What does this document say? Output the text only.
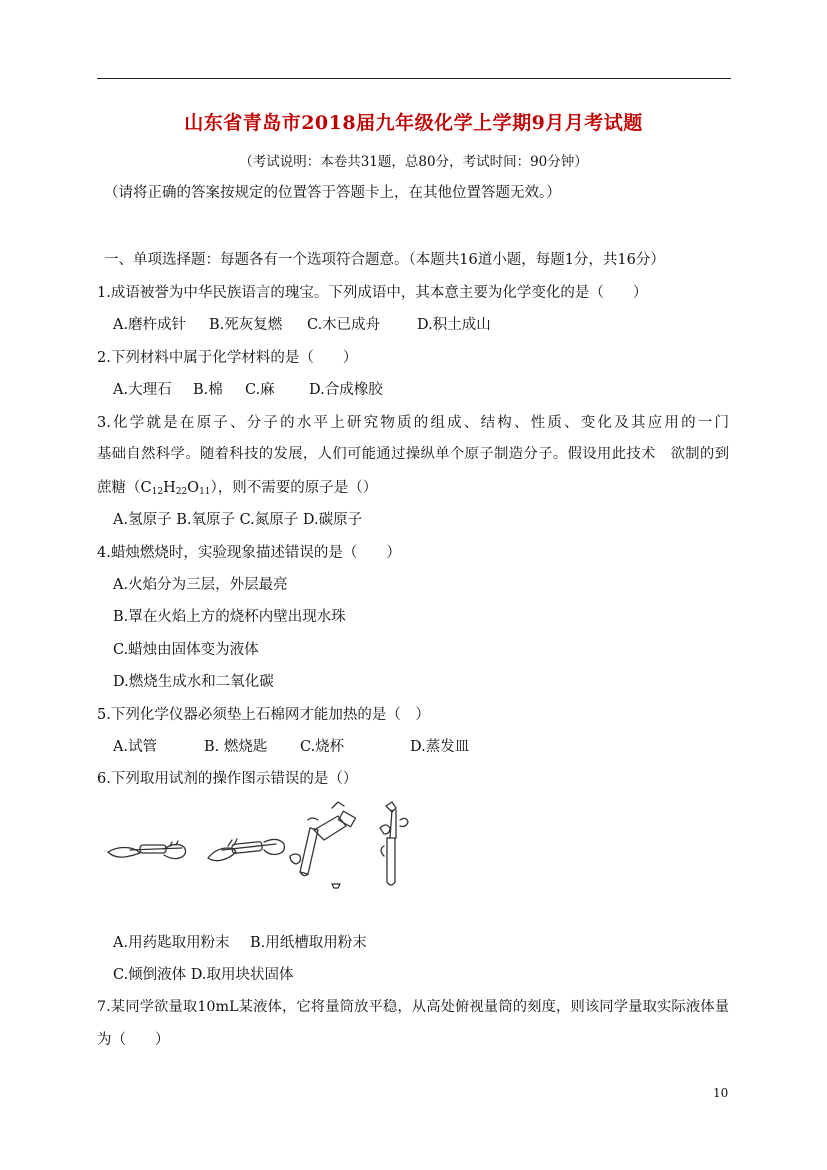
山东省青岛市2018届九年级化学上学期9月月考试题
（考试说明：本卷共31题，总80分，考试时间：90分钟）
（请将正确的答案按规定的位置答于答题卡上，在其他位置答题无效。）
一、单项选择题：每题各有一个选项符合题意。（本题共16道小题，每题1分，共16分）
1.成语被誉为中华民族语言的瑰宝。下列成语中，其本意主要为化学变化的是（　　）
A.磨杵成针 B.死灰复燃 C.木已成舟	D.积土成山
2.下列材料中属于化学材料的是（　　）
A.大理石 B.棉 C.麻 D.合成橡胶
3.化学就是在原子、分子的水平上研究物质的组成、结构、性质、变化及其应用的一门
基础自然科学。随着科技的发展，人们可能通过操纵单个原子制造分子。假设用此技术　欲制的到
蔗糖$(C_{12}H_{22}O_{11})$，则不需要的原子是（）
A.氢原子 B.氧原子 C.氮原子 D.碳原子
4.蜡烛燃烧时，实验现象描述错误的是（　　）
A.火焰分为三层，外层最亮
B.罩在火焰上方的烧杯内壁出现水珠
C.蜡烛由固体变为液体
D.燃烧生成水和二氧化碳
5.下列化学仪器必须垫上石棉网才能加热的是（　）
A.试管	B. 燃烧匙 C.烧杯	D.蒸发皿
6.下列取用试剂的操作图示错误的是（）
A.用药匙取用粉末 B.用纸槽取用粉末
C.倾倒液体 D.取用块状固体
7.某同学欲量取10mL某液体，它将量筒放平稳，从高处俯视量筒的刻度，则该同学量取实际液体量
为（　　）
10
